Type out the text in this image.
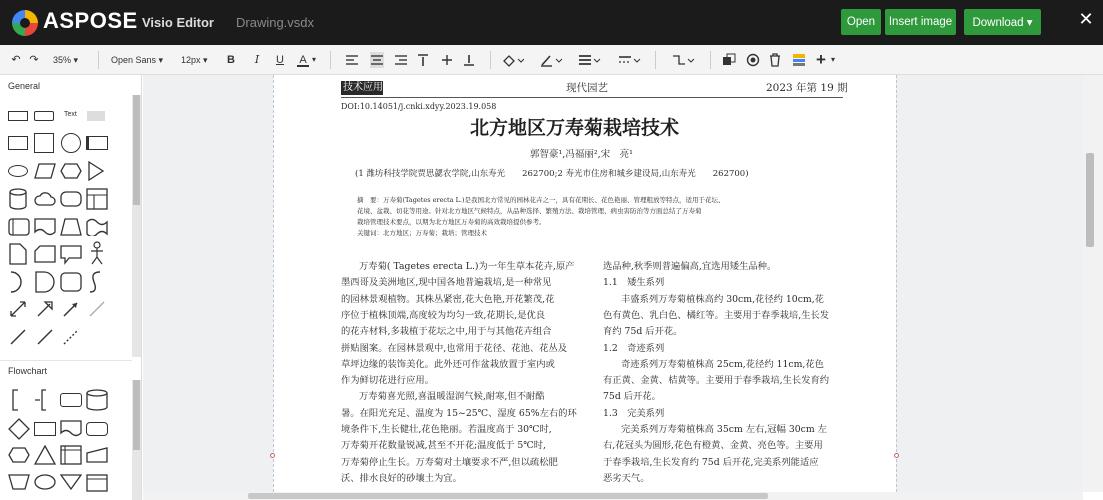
ASPOSE Visio Editor Drawing.vsdx	Open	Insert image	Download ▾	✕
↶ ↷ 35% ▾	Open Sans ▾	12px ▾	B I U A ▾	+ ▾
General
Text
Flowchart
技术应用	现代园艺	2023 年第 19 期
DOI:10.14051/j.cnki.xdyy.2023.19.058
北方地区万寿菊栽培技术
郭智豪¹,冯福丽²,宋　亮¹
(1 潍坊科技学院贾思勰农学院,山东寿光　　262700;2 寿光市住房和城乡建设局,山东寿光　　262700)
摘　要：万寿菊(Tagetes erecta L.)是我国北方常见的园林花卉之一，具有花期长、花色艳丽、管理粗放等特点，适用于花坛、
花境、盆栽、切花等用途。针对北方地区气候特点，从品种选择、繁殖方法、栽培管理、病虫害防治等方面总结了万寿菊
栽培管理技术要点，以期为北方地区万寿菊的高效栽培提供参考。
关键词：北方地区；万寿菊；栽培；管理技术
万寿菊( Tagetes erecta L.)为一年生草本花卉,原产
墨西哥及美洲地区,现中国各地普遍栽培,是一种常见
的园林景观植物。其株丛紧密,花大色艳,开花繁茂,花
序位于植株顶端,高度较为均匀一致,花期长,是优良
的花卉材料,多栽植于花坛之中,用于与其他花卉组合
拼贴图案。在园林景观中,也常用于花径、花池、花丛及
草坪边缘的装饰美化。此外还可作盆栽放置于室内或
作为鲜切花进行应用。
万寿菊喜光照,喜温暖湿润气候,耐寒,但不耐酷
暑。在阳光充足、温度为 15~25℃、湿度 65%左右的环
境条件下,生长健壮,花色艳丽。若温度高于 30℃时,
万寿菊开花数量锐减,甚至不开花;温度低于 5℃时,
万寿菊停止生长。万寿菊对土壤要求不严,但以疏松肥
沃、排水良好的砂壤土为宜。
选品种,秋季则普遍偏高,宜选用矮生品种。
1.1　矮生系列
丰盛系列万寿菊植株高约 30cm,花径约 10cm,花
色有黄色、乳白色、橘红等。主要用于春季栽培,生长发
育约 75d 后开花。
1.2　奇迹系列
奇迹系列万寿菊植株高 25cm,花径约 11cm,花色
有正黄、金黄、桔黄等。主要用于春季栽培,生长发育约
75d 后开花。
1.3　完美系列
完美系列万寿菊植株高 35cm 左右,冠幅 30cm 左
右,花冠头为圆形,花色有橙黄、金黄、亮色等。主要用
于春季栽培,生长发育约 75d 后开花,完美系列能适应
恶劣天气。
